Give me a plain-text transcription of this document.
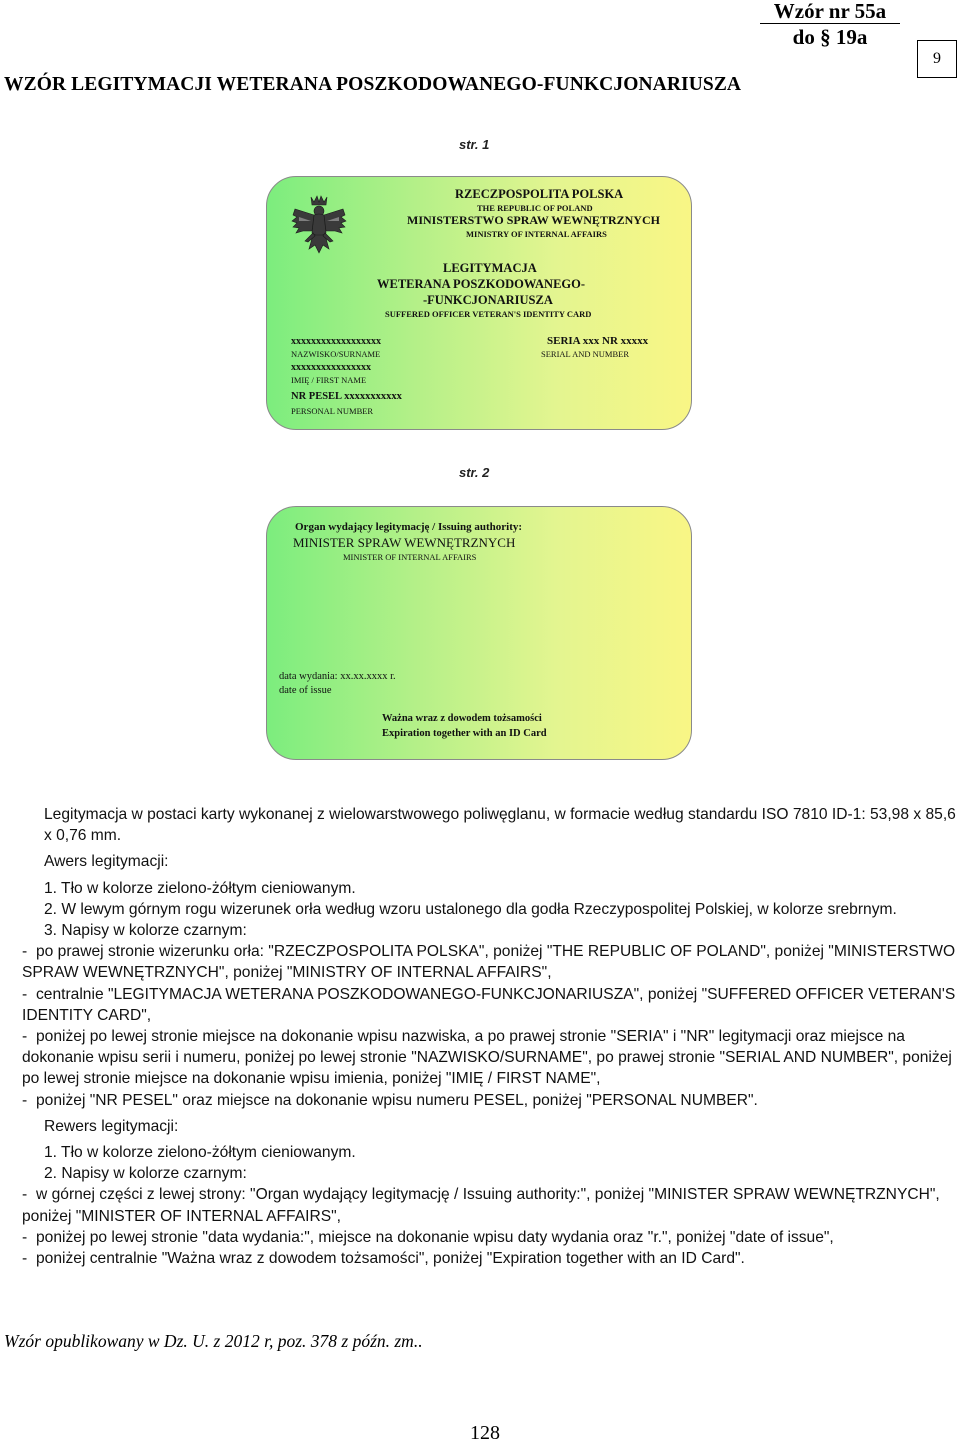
Wzór nr 55a
do § 19a
9
WZÓR LEGITYMACJI WETERANA POSZKODOWANEGO-FUNKCJONARIUSZA
str. 1
RZECZPOSPOLITA POLSKA
THE REPUBLIC OF POLAND
MINISTERSTWO SPRAW WEWNĘTRZNYCH
MINISTRY OF INTERNAL AFFAIRS
LEGITYMACJA
WETERANA POSZKODOWANEGO-
-FUNKCJONARIUSZA
SUFFERED OFFICER VETERAN'S IDENTITY CARD
xxxxxxxxxxxxxxxxxx
NAZWISKO/SURNAME
xxxxxxxxxxxxxxxx
IMIĘ / FIRST NAME
NR PESEL xxxxxxxxxxx
PERSONAL NUMBER
SERIA xxx NR xxxxx
SERIAL AND NUMBER
str. 2
Organ wydający legitymację / Issuing authority:
MINISTER SPRAW WEWNĘTRZNYCH
MINISTER OF INTERNAL AFFAIRS
data wydania: xx.xx.xxxx r.
date of issue
Ważna wraz z dowodem tożsamości
Expiration together with an ID Card

Legitymacja w postaci karty wykonanej z wielowarstwowego poliwęglanu, w formacie według standardu ISO 7810 ID-1: 53,98 x 85,6 x 0,76 mm.

Awers legitymacji:

1. Tło w kolorze zielono-żółtym cieniowanym.

2. W lewym górnym rogu wizerunek orła według wzoru ustalonego dla godła Rzeczypospolitej Polskiej, w kolorze srebrnym.

3. Napisy w kolorze czarnym:

- po prawej stronie wizerunku orła: "RZECZPOSPOLITA POLSKA", poniżej "THE REPUBLIC OF POLAND", poniżej "MINISTERSTWO SPRAW WEWNĘTRZNYCH", poniżej "MINISTRY OF INTERNAL AFFAIRS",

- centralnie "LEGITYMACJA WETERANA POSZKODOWANEGO-FUNKCJONARIUSZA", poniżej "SUFFERED OFFICER VETERAN'S IDENTITY CARD",

- poniżej po lewej stronie miejsce na dokonanie wpisu nazwiska, a po prawej stronie "SERIA" i "NR" legitymacji oraz miejsce na dokonanie wpisu serii i numeru, poniżej po lewej stronie "NAZWISKO/SURNAME", po prawej stronie "SERIAL AND NUMBER", poniżej po lewej stronie miejsce na dokonanie wpisu imienia, poniżej "IMIĘ / FIRST NAME",

- poniżej "NR PESEL" oraz miejsce na dokonanie wpisu numeru PESEL, poniżej "PERSONAL NUMBER".

Rewers legitymacji:

1. Tło w kolorze zielono-żółtym cieniowanym.

2. Napisy w kolorze czarnym:

- w górnej części z lewej strony: "Organ wydający legitymację / Issuing authority:", poniżej "MINISTER SPRAW WEWNĘTRZNYCH", poniżej "MINISTER OF INTERNAL AFFAIRS",

- poniżej po lewej stronie "data wydania:", miejsce na dokonanie wpisu daty wydania oraz "r.", poniżej "date of issue",

- poniżej centralnie "Ważna wraz z dowodem tożsamości", poniżej "Expiration together with an ID Card".

Wzór opublikowany w Dz. U. z 2012 r, poz. 378 z późn. zm..
128
